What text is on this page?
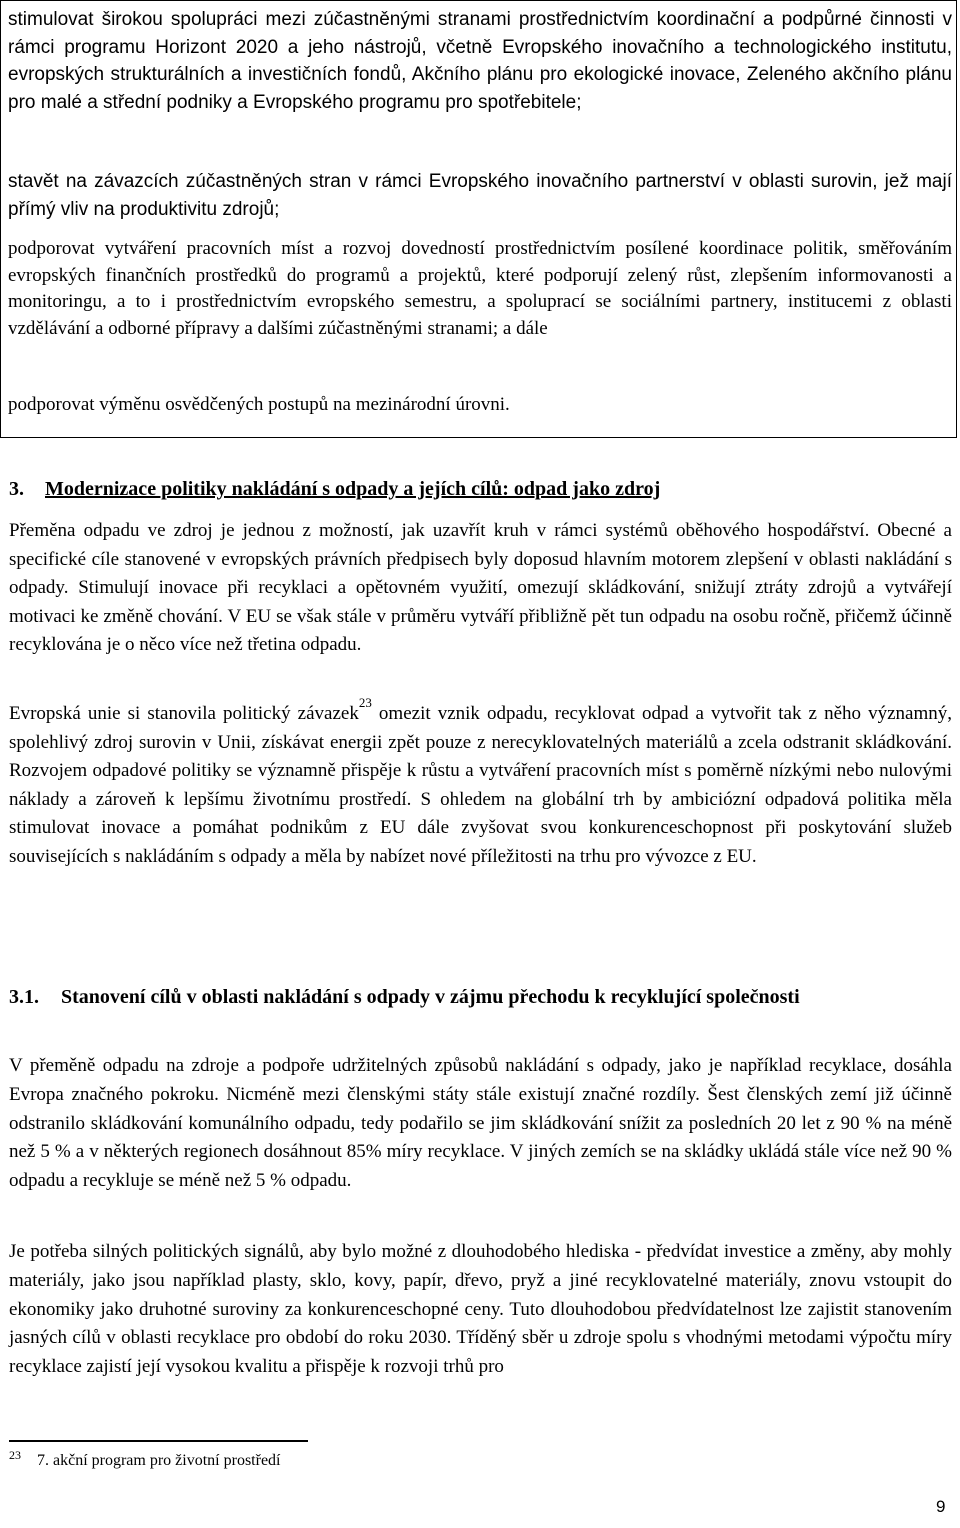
stimulovat širokou spolupráci mezi zúčastněnými stranami prostřednictvím koordinační a podpůrné činnosti v rámci programu Horizont 2020 a jeho nástrojů, včetně Evropského inovačního a technologického institutu, evropských strukturálních a investičních fondů, Akčního plánu pro ekologické inovace, Zeleného akčního plánu pro malé a střední podniky a Evropského programu pro spotřebitele;

stavět na závazcích zúčastněných stran v rámci Evropského inovačního partnerství v oblasti surovin, jež mají přímý vliv na produktivitu zdrojů;

podporovat vytváření pracovních míst a rozvoj dovedností prostřednictvím posílené koordinace politik, směřováním evropských finančních prostředků do programů a projektů, které podporují zelený růst, zlepšením informovanosti a monitoringu, a to i prostřednictvím evropského semestru, a spoluprací se sociálními partnery, institucemi z oblasti vzdělávání a odborné přípravy a dalšími zúčastněnými stranami; a dále

podporovat výměnu osvědčených postupů na mezinárodní úrovni.

3. Modernizace politiky nakládání s odpady a jejích cílů: odpad jako zdroj

Přeměna odpadu ve zdroj je jednou z možností, jak uzavřít kruh v rámci systémů oběhového hospodářství. Obecné a specifické cíle stanovené v evropských právních předpisech byly doposud hlavním motorem zlepšení v oblasti nakládání s odpady. Stimulují inovace při recyklaci a opětovném využití, omezují skládkování, snižují ztráty zdrojů a vytvářejí motivaci ke změně chování. V EU se však stále v průměru vytváří přibližně pět tun odpadu na osobu ročně, přičemž účinně recyklována je o něco více než třetina odpadu.

Evropská unie si stanovila politický závazek$^{23}$ omezit vznik odpadu, recyklovat odpad a vytvořit tak z něho významný, spolehlivý zdroj surovin v Unii, získávat energii zpět pouze z nerecyklovatelných materiálů a zcela odstranit skládkování. Rozvojem odpadové politiky se významně přispěje k růstu a vytváření pracovních míst s poměrně nízkými nebo nulovými náklady a zároveň k lepšímu životnímu prostředí. S ohledem na globální trh by ambiciózní odpadová politika měla stimulovat inovace a pomáhat podnikům z EU dále zvyšovat svou konkurenceschopnost při poskytování služeb souvisejících s nakládáním s odpady a měla by nabízet nové příležitosti na trhu pro vývozce z EU.

3.1. Stanovení cílů v oblasti nakládání s odpady v zájmu přechodu k recyklující společnosti

V přeměně odpadu na zdroje a podpoře udržitelných způsobů nakládání s odpady, jako je například recyklace, dosáhla Evropa značného pokroku. Nicméně mezi členskými státy stále existují značné rozdíly. Šest členských zemí již účinně odstranilo skládkování komunálního odpadu, tedy podařilo se jim skládkování snížit za posledních 20 let z 90 % na méně než 5 % a v některých regionech dosáhnout 85% míry recyklace. V jiných zemích se na skládky ukládá stále více než 90 % odpadu a recykluje se méně než 5 % odpadu.

Je potřeba silných politických signálů, aby bylo možné z dlouhodobého hlediska - předvídat investice a změny, aby mohly materiály, jako jsou například plasty, sklo, kovy, papír, dřevo, pryž a jiné recyklovatelné materiály, znovu vstoupit do ekonomiky jako druhotné suroviny za konkurenceschopné ceny. Tuto dlouhodobou předvídatelnost lze zajistit stanovením jasných cílů v oblasti recyklace pro období do roku 2030. Tříděný sběr u zdroje spolu s vhodnými metodami výpočtu míry recyklace zajistí její vysokou kvalitu a přispěje k rozvoji trhů pro

23 7. akční program pro životní prostředí
9
